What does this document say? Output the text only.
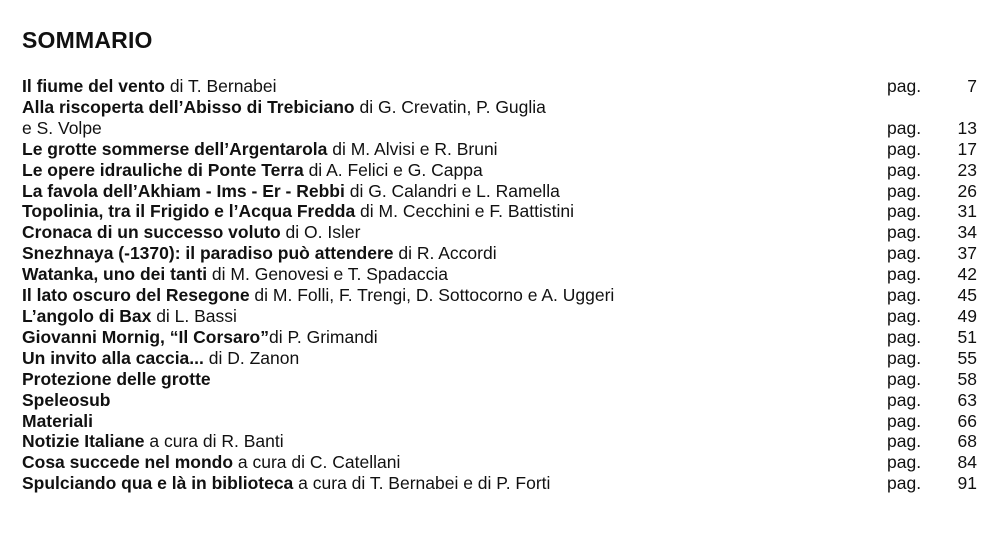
SOMMARIO
Il fiume del vento di T. Bernabei	pag.	7
Alla riscoperta dell’Abisso di Trebiciano di G. Crevatin, P. Guglia
e S. Volpe	pag. 13
Le grotte sommerse dell’Argentarola di M. Alvisi e R. Bruni	pag. 17
Le opere idrauliche di Ponte Terra di A. Felici e G. Cappa	pag. 23
La favola dell’Akhiam - Ims - Er - Rebbi di G. Calandri e L. Ramella	pag. 26
Topolinia, tra il Frigido e l’Acqua Fredda di M. Cecchini e F. Battistini	pag. 31
Cronaca di un successo voluto di O. Isler	pag. 34
Snezhnaya (-1370): il paradiso può attendere di R. Accordi	pag. 37
Watanka, uno dei tanti di M. Genovesi e T. Spadaccia	pag. 42
Il lato oscuro del Resegone di M. Folli, F. Trengi, D. Sottocorno e A. Uggeri	pag. 45
L’angolo di Bax di L. Bassi	pag. 49
Giovanni Mornig, “Il Corsaro”di P. Grimandi	pag. 51
Un invito alla caccia... di D. Zanon	pag. 55
Protezione delle grotte	pag. 58
Speleosub	pag. 63
Materiali	pag. 66
Notizie Italiane a cura di R. Banti	pag. 68
Cosa succede nel mondo a cura di C. Catellani	pag. 84
Spulciando qua e là in biblioteca a cura di T. Bernabei e di P. Forti	pag. 91
